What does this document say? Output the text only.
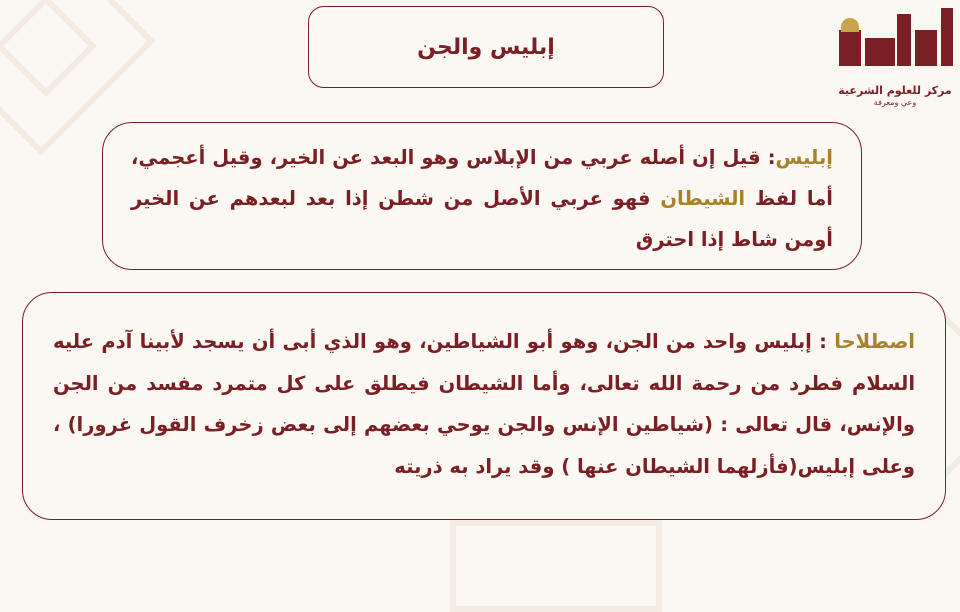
إبليس والجن
مركز للعلوم الشرعية
وعي ومعرفة
إبليس: قيل إن أصله عربي من الإبلاس وهو البعد عن الخير، وقيل أعجمي، أما لفظ الشيطان فهو عربي الأصل من شطن إذا بعد لبعدهم عن الخير أومن شاط إذا احترق
اصطلاحا : إبليس واحد من الجن، وهو أبو الشياطين، وهو الذي أبى أن يسجد لأبينا آدم عليه السلام فطرد من رحمة الله تعالى، وأما الشيطان فيطلق على كل متمرد مفسد من الجن والإنس، قال تعالى : (شياطين الإنس والجن يوحي بعضهم إلى بعض زخرف القول غرورا) ، وعلى إبليس(فأزلهما الشيطان عنها ) وقد يراد به ذريته
